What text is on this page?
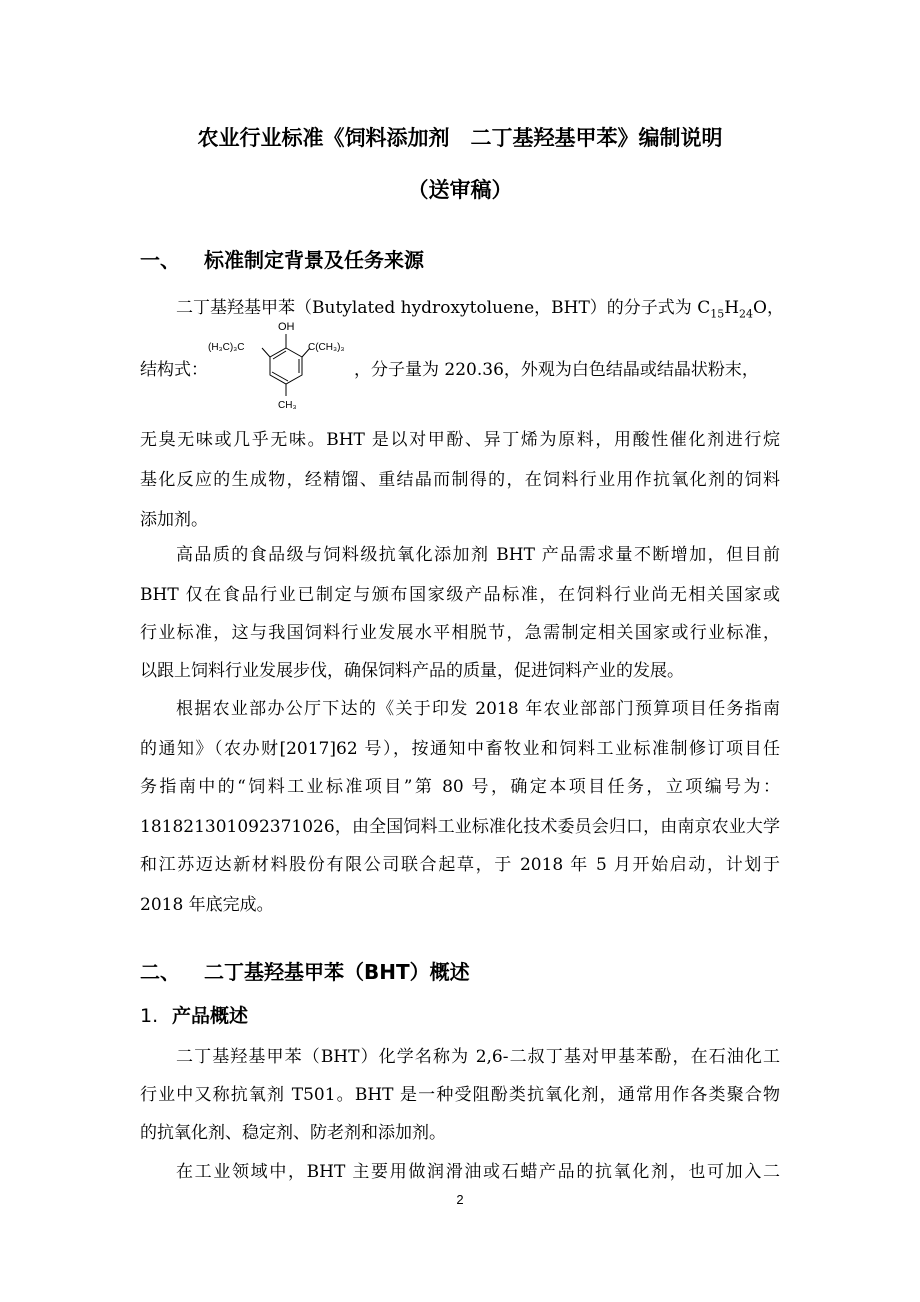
农业行业标准《饲料添加剂　二丁基羟基甲苯》编制说明
（送审稿）
一、 标准制定背景及任务来源
二丁基羟基甲苯（Butylated hydroxytoluene，BHT）的分子式为 $C_{15}H_{24}O$，
结构式：	，分子量为 220.36，外观为白色结晶或结晶状粉末，
OH
(H₃C)₃C	C(CH₃)₃
CH₃
无臭无味或几乎无味。BHT 是以对甲酚、异丁烯为原料，用酸性催化剂进行烷
基化反应的生成物，经精馏、重结晶而制得的，在饲料行业用作抗氧化剂的饲料
添加剂。
高品质的食品级与饲料级抗氧化添加剂 BHT 产品需求量不断增加，但目前
BHT 仅在食品行业已制定与颁布国家级产品标准，在饲料行业尚无相关国家或
行业标准，这与我国饲料行业发展水平相脱节，急需制定相关国家或行业标准，
以跟上饲料行业发展步伐，确保饲料产品的质量，促进饲料产业的发展。
根据农业部办公厅下达的《关于印发 2018 年农业部部门预算项目任务指南
的通知》（农办财[2017]62 号），按通知中畜牧业和饲料工业标准制修订项目任
务指南中的“饲料工业标准项目”第 80 号，确定本项目任务，立项编号为：
181821301092371026，由全国饲料工业标准化技术委员会归口，由南京农业大学
和江苏迈达新材料股份有限公司联合起草，于 2018 年 5 月开始启动，计划于
2018 年底完成。
二、 二丁基羟基甲苯（BHT）概述
1. 产品概述
二丁基羟基甲苯（BHT）化学名称为 2,6-二叔丁基对甲基苯酚，在石油化工
行业中又称抗氧剂 T501。BHT 是一种受阻酚类抗氧化剂，通常用作各类聚合物
的抗氧化剂、稳定剂、防老剂和添加剂。
在工业领域中，BHT 主要用做润滑油或石蜡产品的抗氧化剂，也可加入二
2
